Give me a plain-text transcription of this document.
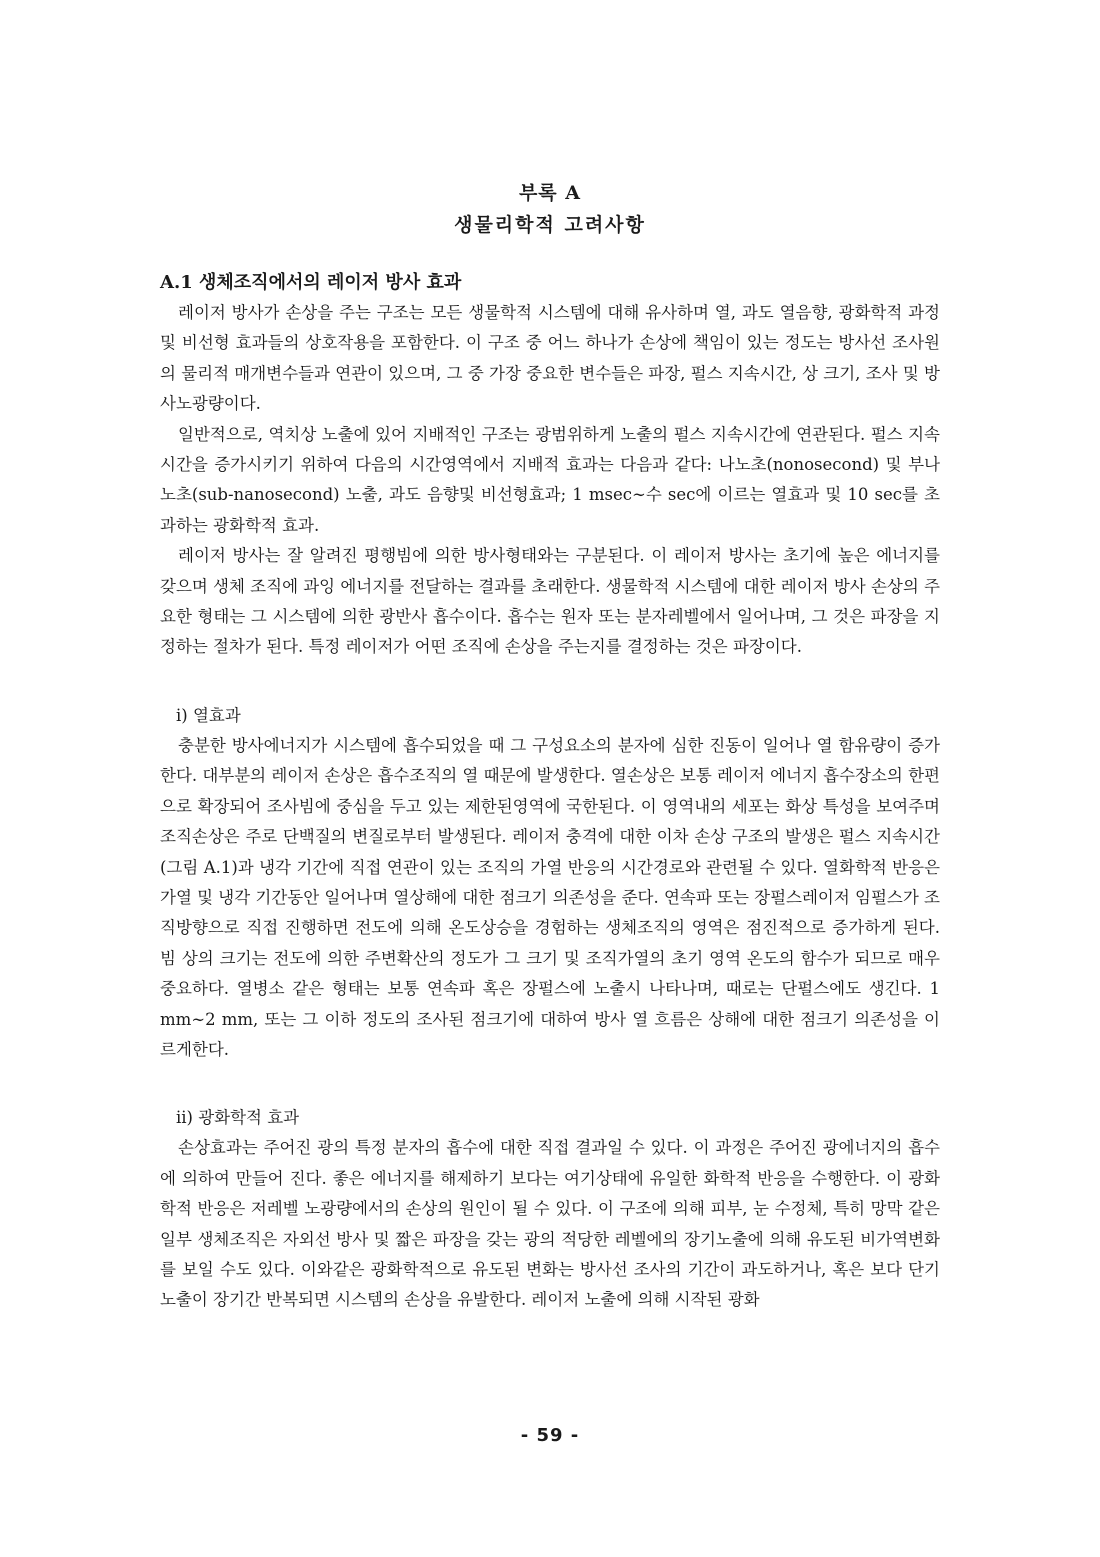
부록 A
생물리학적 고려사항

A.1 생체조직에서의 레이저 방사 효과

레이저 방사가 손상을 주는 구조는 모든 생물학적 시스템에 대해 유사하며 열, 과도 열음향, 광화학적 과정 및 비선형 효과들의 상호작용을 포함한다. 이 구조 중 어느 하나가 손상에 책임이 있는 정도는 방사선 조사원의 물리적 매개변수들과 연관이 있으며, 그 중 가장 중요한 변수들은 파장, 펄스 지속시간, 상 크기, 조사 및 방사노광량이다.

일반적으로, 역치상 노출에 있어 지배적인 구조는 광범위하게 노출의 펄스 지속시간에 연관된다. 펄스 지속시간을 증가시키기 위하여 다음의 시간영역에서 지배적 효과는 다음과 같다: 나노초(nonosecond) 및 부나노초(sub-nanosecond) 노출, 과도 음향및 비선형효과; 1 msec∼수 sec에 이르는 열효과 및 10 sec를 초과하는 광화학적 효과.

레이저 방사는 잘 알려진 평행빔에 의한 방사형태와는 구분된다. 이 레이저 방사는 초기에 높은 에너지를 갖으며 생체 조직에 과잉 에너지를 전달하는 결과를 초래한다. 생물학적 시스템에 대한 레이저 방사 손상의 주요한 형태는 그 시스템에 의한 광반사 흡수이다. 흡수는 원자 또는 분자레벨에서 일어나며, 그 것은 파장을 지정하는 절차가 된다. 특정 레이저가 어떤 조직에 손상을 주는지를 결정하는 것은 파장이다.

i) 열효과

충분한 방사에너지가 시스템에 흡수되었을 때 그 구성요소의 분자에 심한 진동이 일어나 열 함유량이 증가한다. 대부분의 레이저 손상은 흡수조직의 열 때문에 발생한다. 열손상은 보통 레이저 에너지 흡수장소의 한편으로 확장되어 조사빔에 중심을 두고 있는 제한된영역에 국한된다. 이 영역내의 세포는 화상 특성을 보여주며 조직손상은 주로 단백질의 변질로부터 발생된다. 레이저 충격에 대한 이차 손상 구조의 발생은 펄스 지속시간(그림 A.1)과 냉각 기간에 직접 연관이 있는 조직의 가열 반응의 시간경로와 관련될 수 있다. 열화학적 반응은 가열 및 냉각 기간동안 일어나며 열상해에 대한 점크기 의존성을 준다. 연속파 또는 장펄스레이저 임펄스가 조직방향으로 직접 진행하면 전도에 의해 온도상승을 경험하는 생체조직의 영역은 점진적으로 증가하게 된다. 빔 상의 크기는 전도에 의한 주변확산의 정도가 그 크기 및 조직가열의 초기 영역 온도의 함수가 되므로 매우 중요하다. 열병소 같은 형태는 보통 연속파 혹은 장펄스에 노출시 나타나며, 때로는 단펄스에도 생긴다. 1 mm∼2 mm, 또는 그 이하 정도의 조사된 점크기에 대하여 방사 열 흐름은 상해에 대한 점크기 의존성을 이르게한다.

ii) 광화학적 효과

손상효과는 주어진 광의 특정 분자의 흡수에 대한 직접 결과일 수 있다. 이 과정은 주어진 광에너지의 흡수에 의하여 만들어 진다. 좋은 에너지를 해제하기 보다는 여기상태에 유일한 화학적 반응을 수행한다. 이 광화학적 반응은 저레벨 노광량에서의 손상의 원인이 될 수 있다. 이 구조에 의해 피부, 눈 수정체, 특히 망막 같은 일부 생체조직은 자외선 방사 및 짧은 파장을 갖는 광의 적당한 레벨에의 장기노출에 의해 유도된 비가역변화를 보일 수도 있다. 이와같은 광화학적으로 유도된 변화는 방사선 조사의 기간이 과도하거나, 혹은 보다 단기 노출이 장기간 반복되면 시스템의 손상을 유발한다. 레이저 노출에 의해 시작된 광화

- 59 -
